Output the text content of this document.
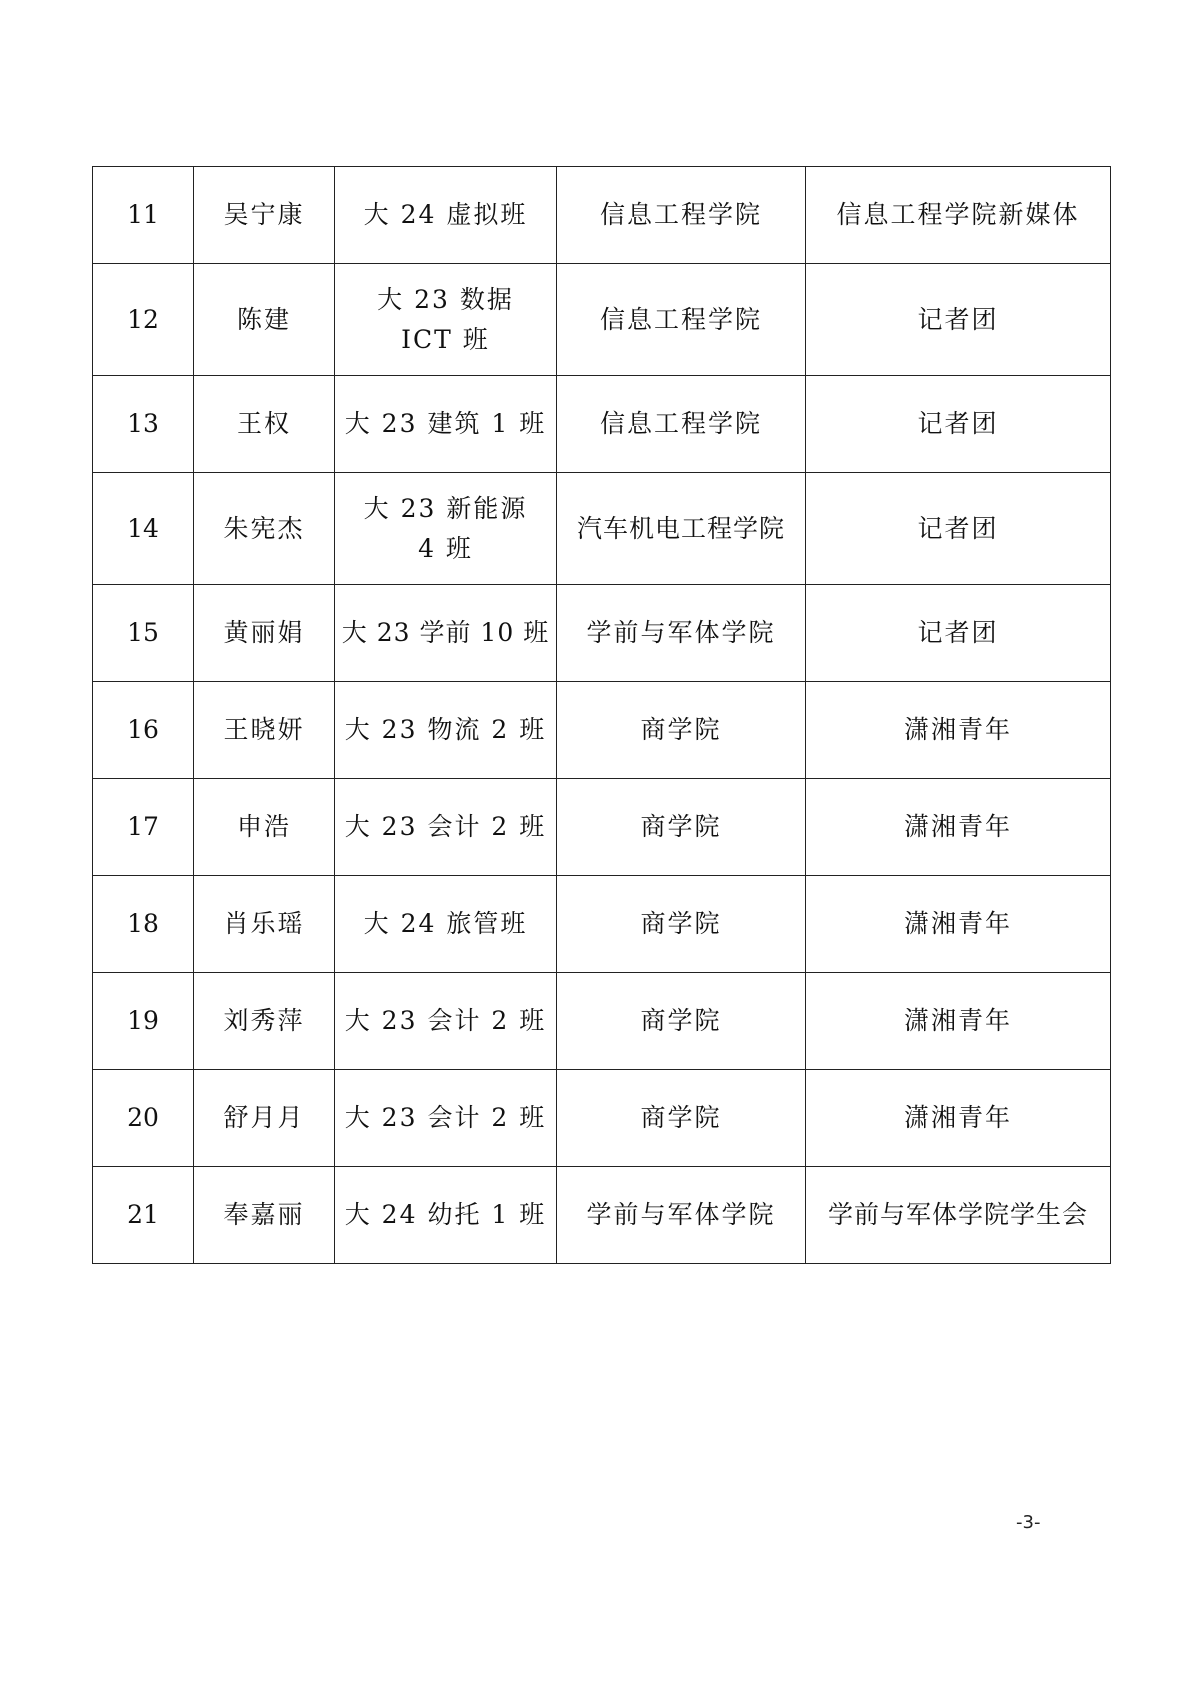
11	吴宁康	大 24 虚拟班	信息工程学院	信息工程学院新媒体
12	陈建	大 23 数据 ICT 班	信息工程学院	记者团
13	王权	大 23 建筑 1 班	信息工程学院	记者团
14	朱宪杰	大 23 新能源 4 班	汽车机电工程学院	记者团
15	黄丽娟	大 23 学前 10 班	学前与军体学院	记者团
16	王晓妍	大 23 物流 2 班	商学院	潇湘青年
17	申浩	大 23 会计 2 班	商学院	潇湘青年
18	肖乐瑶	大 24 旅管班	商学院	潇湘青年
19	刘秀萍	大 23 会计 2 班	商学院	潇湘青年
20	舒月月	大 23 会计 2 班	商学院	潇湘青年
21	奉嘉丽	大 24 幼托 1 班	学前与军体学院	学前与军体学院学生会
-3-
